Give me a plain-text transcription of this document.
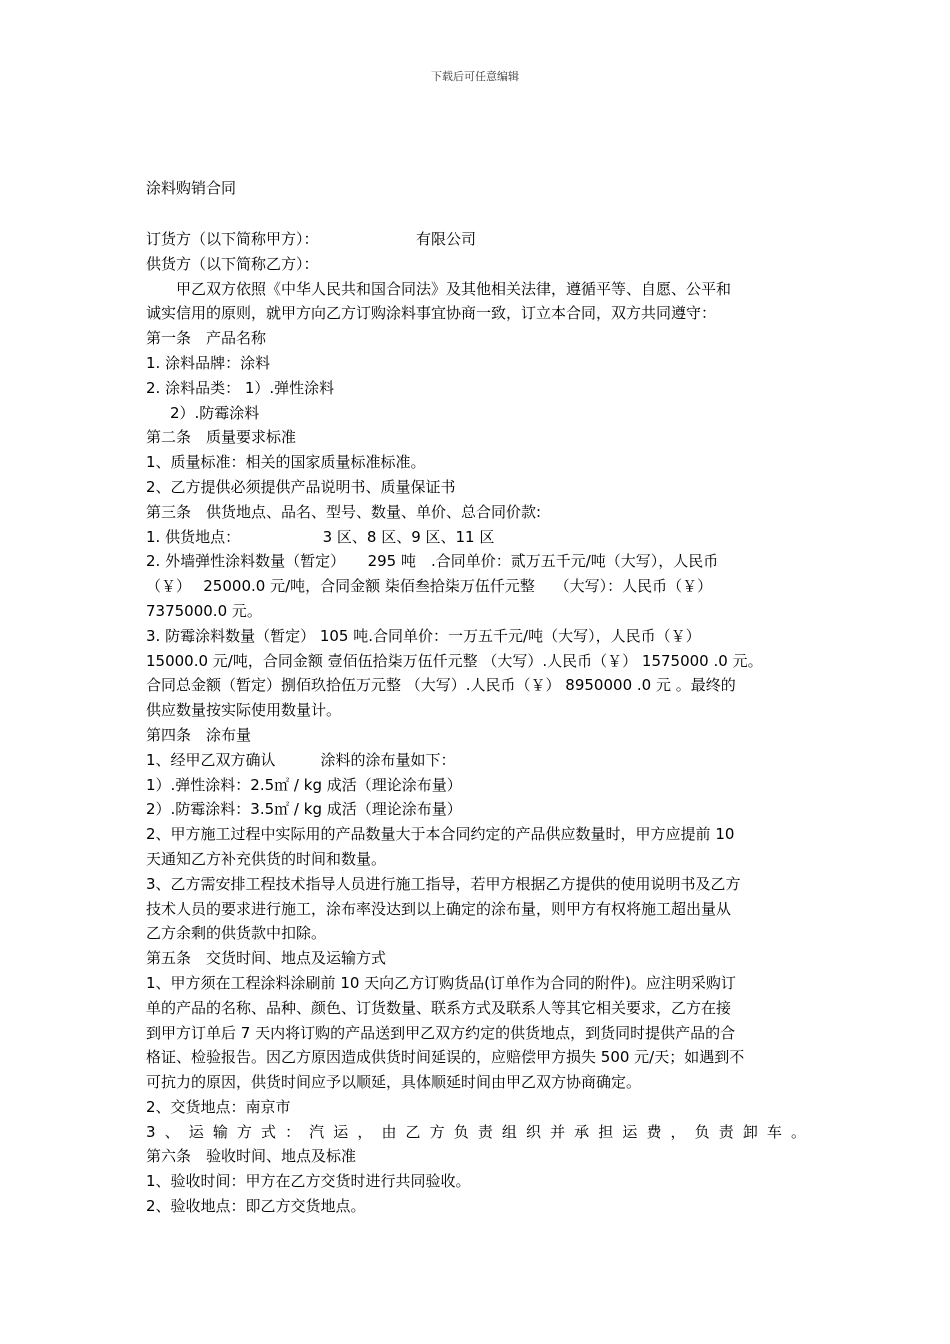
下载后可任意编辑
涂料购销合同
订货方（以下简称甲方）：　　　　　　　有限公司
供货方（以下简称乙方）：
甲乙双方依照《中华人民共和国合同法》及其他相关法律，遵循平等、自愿、公平和
诚实信用的原则，就甲方向乙方订购涂料事宜协商一致，订立本合同，双方共同遵守：
第一条　产品名称
1. 涂料品牌：涂料
2. 涂料品类： 1）.弹性涂料
2）.防霉涂料
第二条　质量要求标准
1、质量标准：相关的国家质量标准标准。
2、乙方提供必须提供产品说明书、质量保证书
第三条　供货地点、品名、型号、数量、单价、总合同价款:
1. 供货地点：　　　　　　3 区、8 区、9 区、11 区
2. 外墙弹性涂料数量（暂定）　　295 吨　.合同单价：贰万五千元/吨（大写），人民币
（￥）　 25000.0 元/吨，合同金额 柒佰叁拾柒万伍仟元整　 （大写）：人民币（￥）
7375000.0 元。
3. 防霉涂料数量（暂定） 105 吨.合同单价：一万五千元/吨（大写），人民币（￥）
15000.0 元/吨，合同金额 壹佰伍拾柒万伍仟元整 （大写）.人民币（￥） 1575000 .0 元。
合同总金额（暂定）捌佰玖拾伍万元整 （大写）.人民币（￥） 8950000 .0 元 。最终的
供应数量按实际使用数量计。
第四条　涂布量
1、经甲乙双方确认　　　涂料的涂布量如下：
1）.弹性涂料：2.5㎡ / kg 成活（理论涂布量）
2）.防霉涂料：3.5㎡ / kg 成活（理论涂布量）
2、甲方施工过程中实际用的产品数量大于本合同约定的产品供应数量时，甲方应提前 10
天通知乙方补充供货的时间和数量。
3、乙方需安排工程技术指导人员进行施工指导，若甲方根据乙方提供的使用说明书及乙方
技术人员的要求进行施工，涂布率没达到以上确定的涂布量，则甲方有权将施工超出量从
乙方余剩的供货款中扣除。
第五条　交货时间、地点及运输方式
1、甲方须在工程涂料涂刷前 10 天向乙方订购货品(订单作为合同的附件)。应注明采购订
单的产品的名称、品种、颜色、订货数量、联系方式及联系人等其它相关要求，乙方在接
到甲方订单后 7 天内将订购的产品送到甲乙双方约定的供货地点，到货同时提供产品的合
格证、检验报告。因乙方原因造成供货时间延误的，应赔偿甲方损失 500 元/天；如遇到不
可抗力的原因，供货时间应予以顺延，具体顺延时间由甲乙双方协商确定。
2、交货地点：南京市
3、运输方式：汽运，由乙方负责组织并承担运费，负责卸车。
第六条　验收时间、地点及标准
1、验收时间：甲方在乙方交货时进行共同验收。
2、验收地点：即乙方交货地点。
